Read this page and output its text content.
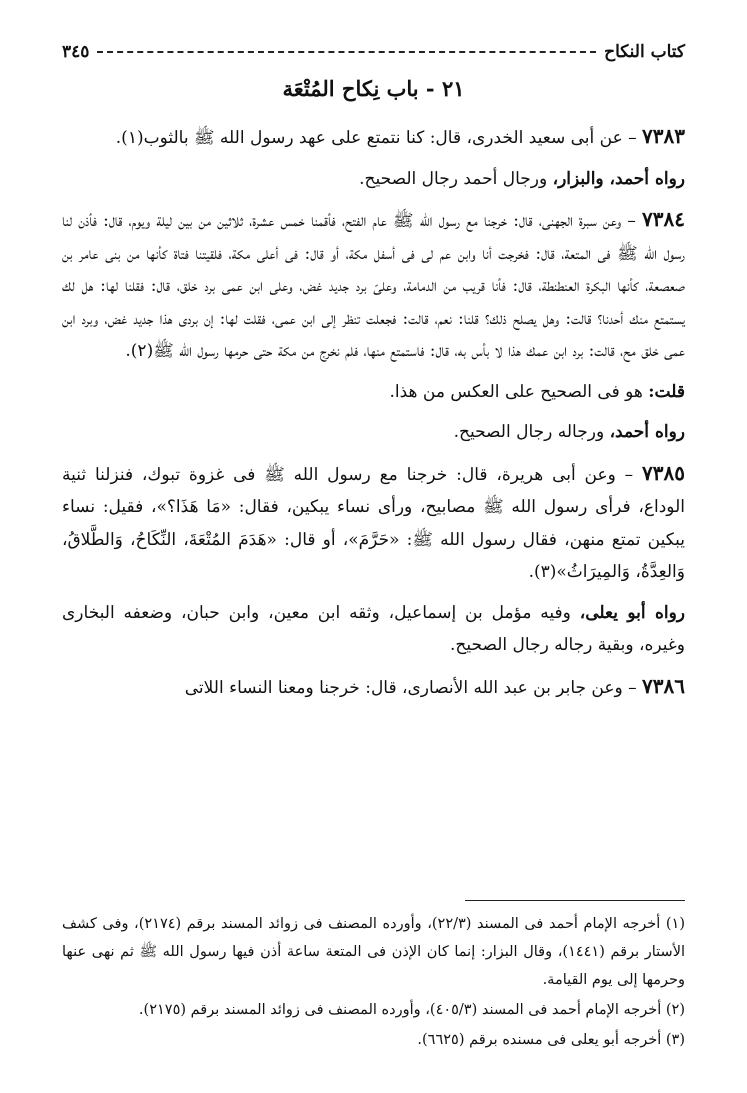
كتاب النكاح
٣٤٥
٢١ - باب نِكاح المُتْعَة

٧٣٨٣ – عن أبى سعيد الخدرى، قال: كنا نتمتع على عهد رسول الله ﷺ بالثوب(١).

رواه أحمد، والبزار، ورجال أحمد رجال الصحيح.

٧٣٨٤ – وعن سبرة الجهنى، قال: خرجنا مع رسول الله ﷺ عام الفتح، فأقمنا خمس عشرة، ثلاثين من بين ليلة ويوم، قال: فأذن لنا رسول الله ﷺ فى المتعة، قال: فخرجت أنا وابن عم لى فى أسفل مكة، أو قال: فى أعلى مكة، فلقيتنا فتاة كأنها من بنى عامر بن صعصعة، كأنها البكرة العنطنطة، قال: فأنا قريب من الدمامة، وعلىّ برد جديد غض، وعلى ابن عمى برد خلق، قال: فقلنا لها: هل لك يستمتع منك أحدنا؟ قالت: وهل يصلح ذلك؟ قلنا: نعم، قالت: فجعلت تنظر إلى ابن عمى، فقلت لها: إن بردى هذا جديد غض، وبرد ابن عمى خلق مح، قالت: برد ابن عمك هذا لا بأس به، قال: فاستمتع منها، فلم نخرج من مكة حتى حرمها رسول الله ﷺ(٢).

قلت: هو فى الصحيح على العكس من هذا.

رواه أحمد، ورجاله رجال الصحيح.

٧٣٨٥ – وعن أبى هريرة، قال: خرجنا مع رسول الله ﷺ فى غزوة تبوك، فنزلنا ثنية الوداع، فرأى رسول الله ﷺ مصابيح، ورأى نساء يبكين، فقال: «مَا هَذَا؟»، فقيل: نساء يبكين تمتع منهن، فقال رسول الله ﷺ: «حَرَّمَ»، أو قال: «هَدَمَ المُتْعَةَ، النِّكَاحُ، وَالطَّلاقُ، وَالعِدَّةُ، وَالمِيرَاثُ»(٣).

رواه أبو يعلى، وفيه مؤمل بن إسماعيل، وثقه ابن معين، وابن حبان، وضعفه البخارى وغيره، وبقية رجاله رجال الصحيح.

٧٣٨٦ – وعن جابر بن عبد الله الأنصارى، قال: خرجنا ومعنا النساء اللاتى

(١) أخرجه الإمام أحمد فى المسند (٢٢/٣)، وأورده المصنف فى زوائد المسند برقم (٢١٧٤)، وفى كشف الأستار برقم (١٤٤١)، وقال البزار: إنما كان الإذن فى المتعة ساعة أذن فيها رسول الله ﷺ ثم نهى عنها وحرمها إلى يوم القيامة.

(٢) أخرجه الإمام أحمد فى المسند (٤٠٥/٣)، وأورده المصنف فى زوائد المسند برقم (٢١٧٥).

(٣) أخرجه أبو يعلى فى مسنده برقم (٦٦٢٥).
